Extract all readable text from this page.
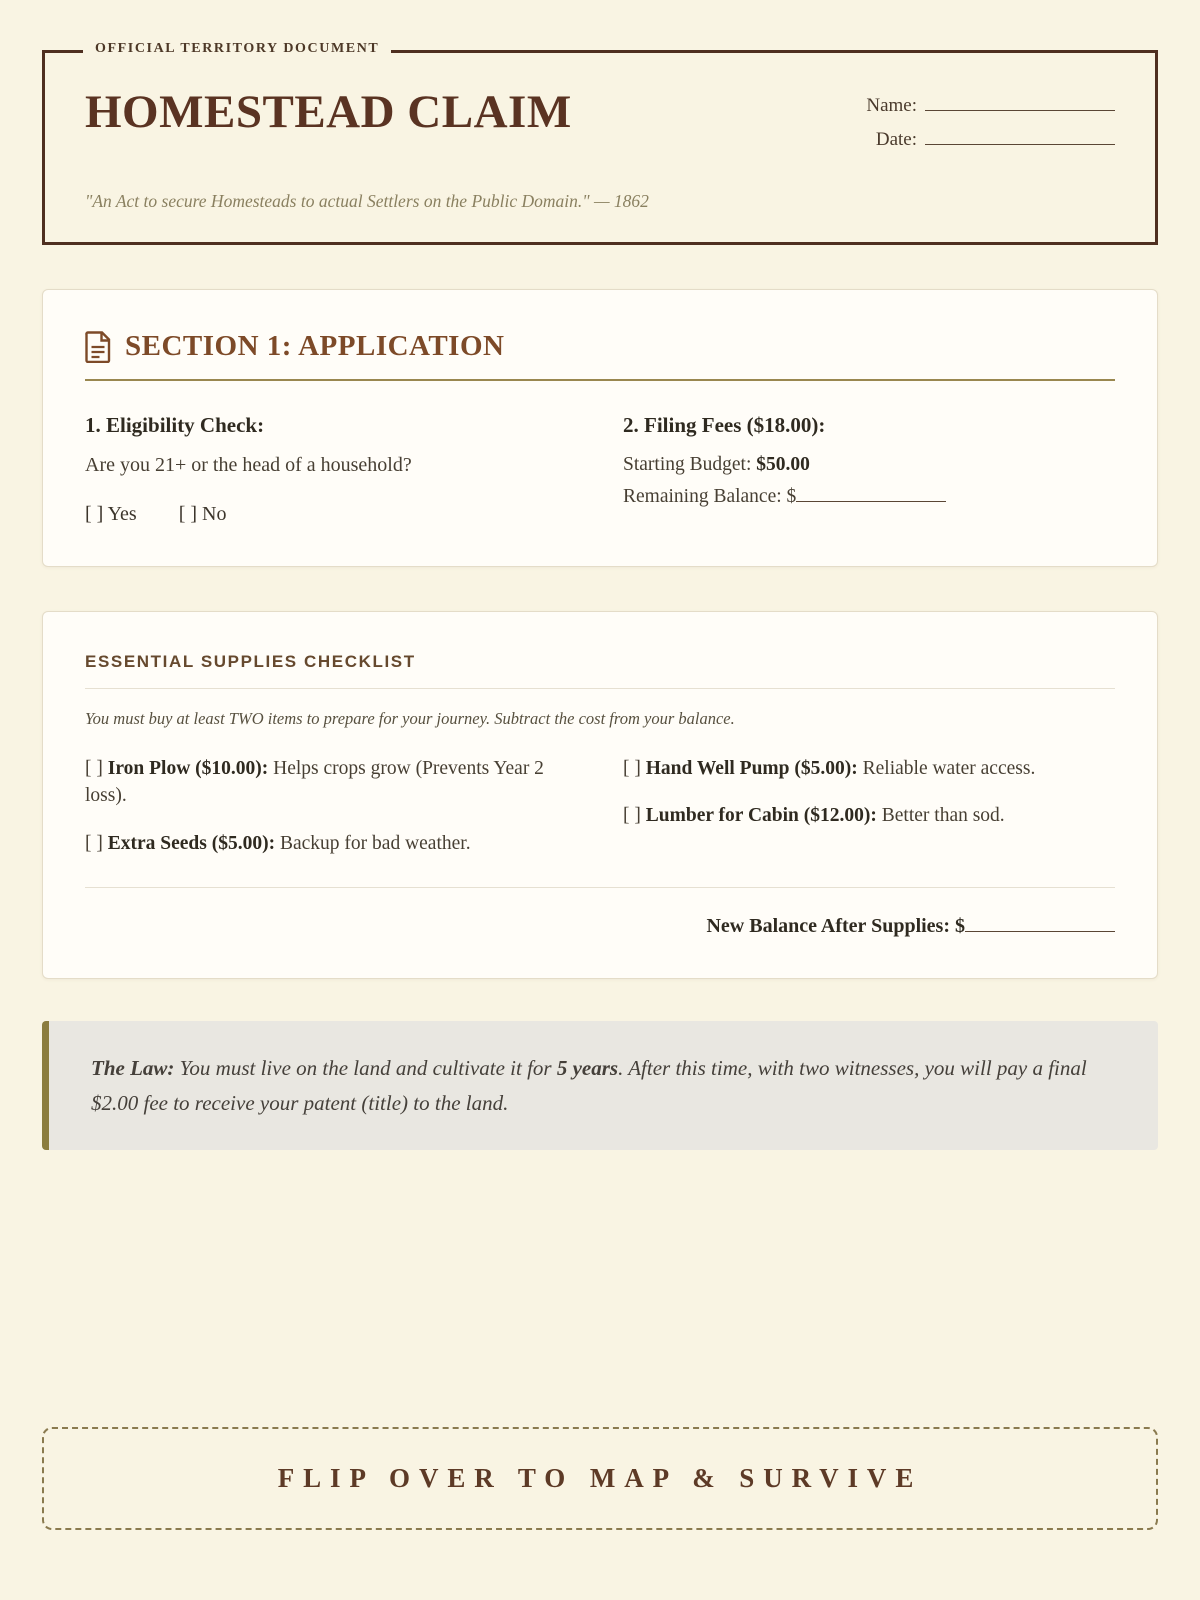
OFFICIAL TERRITORY DOCUMENT
HOMESTEAD CLAIM	Name:
Date:
"An Act to secure Homesteads to actual Settlers on the Public Domain." — 1862
SECTION 1: APPLICATION
1. Eligibility Check:
Are you 21+ or the head of a household?
[ ] Yes [ ] No
2. Filing Fees ($18.00):
Starting Budget: $50.00
Remaining Balance: $
ESSENTIAL SUPPLIES CHECKLIST
You must buy at least TWO items to prepare for your journey. Subtract the cost from your balance.
[ ] Iron Plow ($10.00): Helps crops grow (Prevents Year 2 loss).
[ ] Extra Seeds ($5.00): Backup for bad weather.
[ ] Hand Well Pump ($5.00): Reliable water access.
[ ] Lumber for Cabin ($12.00): Better than sod.
New Balance After Supplies: $
The Law: You must live on the land and cultivate it for 5 years. After this time, with two witnesses, you will pay a final $2.00 fee to receive your patent (title) to the land.
FLIP OVER TO MAP & SURVIVE
